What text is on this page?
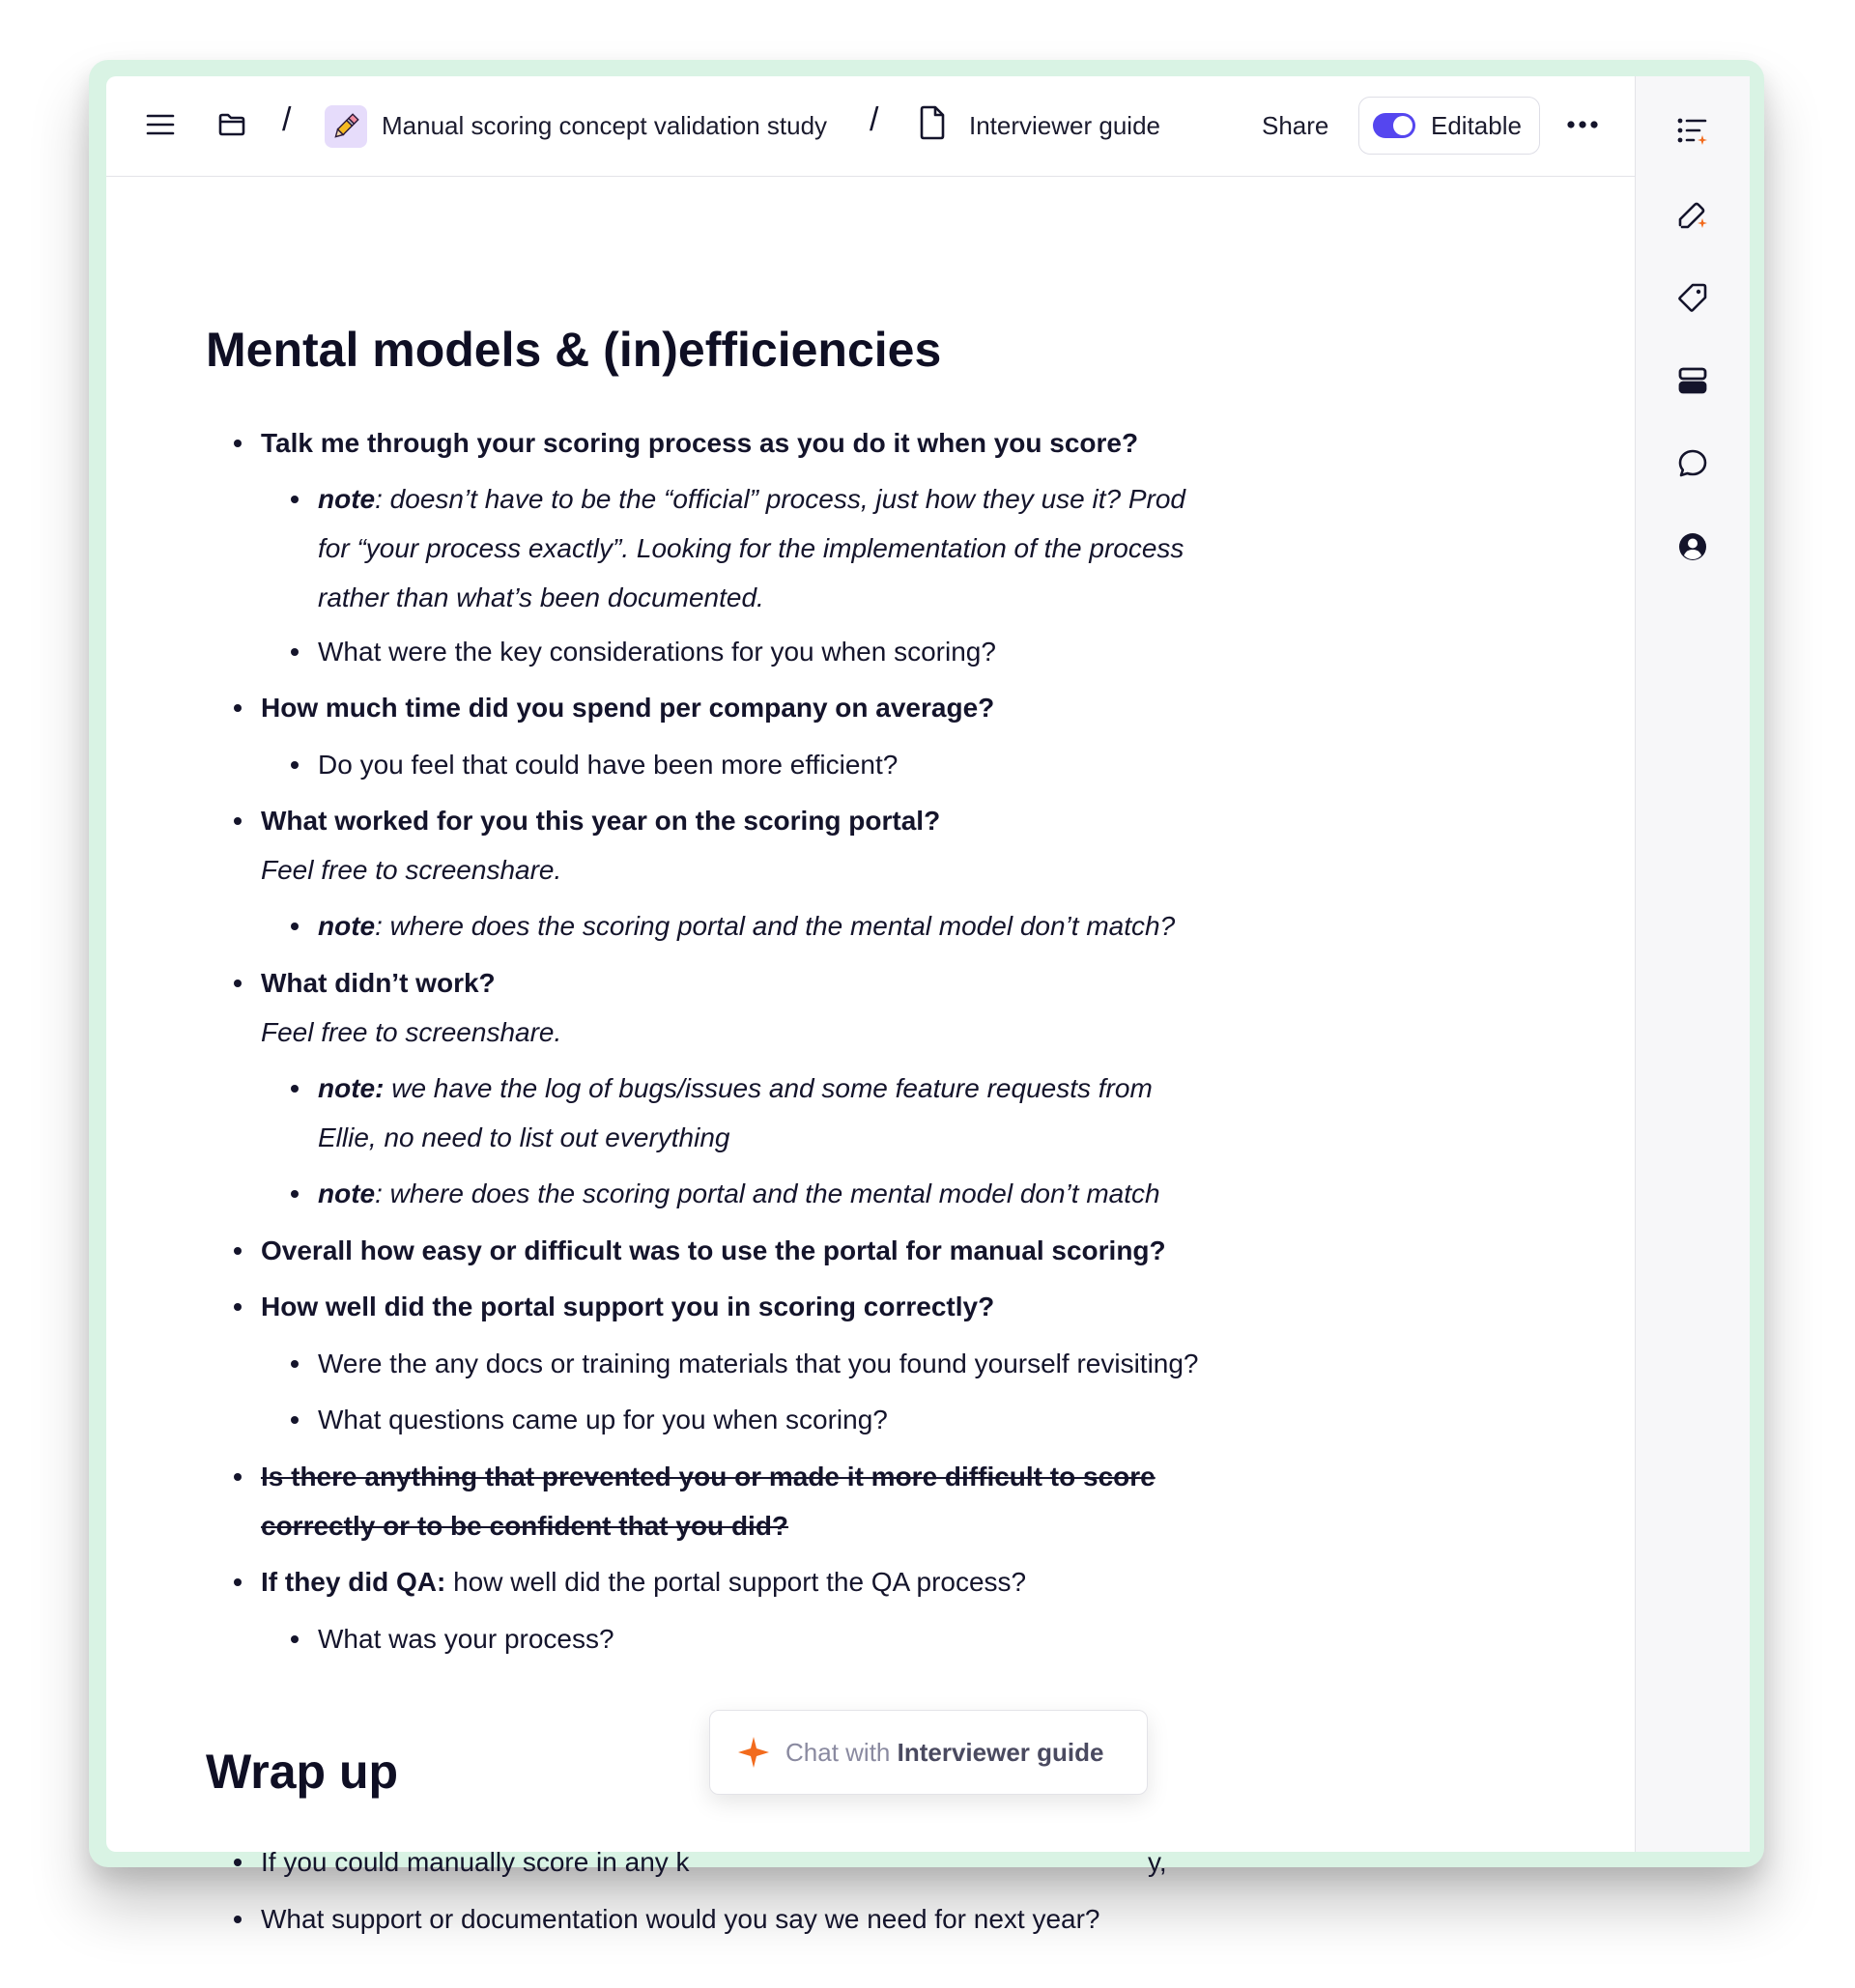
/	Manual scoring concept validation study /	Interviewer guide	Share	Editable
Mental models & (in)efficiencies
Talk me through your scoring process as you do it when you score?
note: doesn’t have to be the “official” process, just how they use it? Prod
for “your process exactly”. Looking for the implementation of the process
rather than what’s been documented.
What were the key considerations for you when scoring?
How much time did you spend per company on average?
Do you feel that could have been more efficient?
What worked for you this year on the scoring portal?
Feel free to screenshare.
note: where does the scoring portal and the mental model don’t match?
What didn’t work?
Feel free to screenshare.
note: we have the log of bugs/issues and some feature requests from
Ellie, no need to list out everything
note: where does the scoring portal and the mental model don’t match
Overall how easy or difficult was to use the portal for manual scoring?
How well did the portal support you in scoring correctly?
Were the any docs or training materials that you found yourself revisiting?
What questions came up for you when scoring?
Is there anything that prevented you or made it more difficult to score
correctly or to be confident that you did?
If they did QA: how well did the portal support the QA process?
What was your process?
Wrap up
If you could manually score in any k	y,
What support or documentation would you say we need for next year?
Chat with Interviewer guide
